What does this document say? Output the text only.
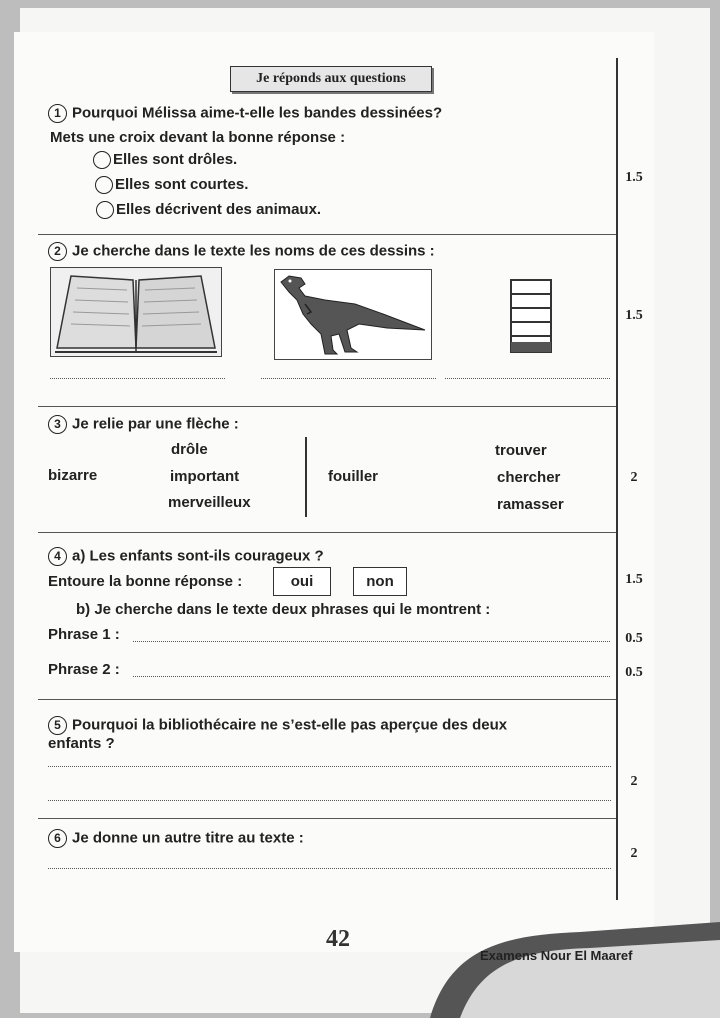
Je réponds aux questions
1 Pourquoi Mélissa aime-t-elle les bandes dessinées?
Mets une croix devant la bonne réponse :
Elles sont drôles.
Elles sont courtes.
Elles décrivent des animaux.
1.5
2 Je cherche dans le texte les noms de ces dessins :
1.5
3 Je relie par une flèche :
bizarre
drôle
important
merveilleux
fouiller
trouver
chercher
ramasser
2
4 a) Les enfants sont-ils courageux ?
Entoure la bonne réponse :	oui	non	1.5
b) Je cherche dans le texte deux phrases qui le montrent :
Phrase 1 :	0.5
Phrase 2 :	0.5
5 Pourquoi la bibliothécaire ne s’est-elle pas aperçue des deux
enfants ?
2
6 Je donne un autre titre au texte :
2
42
Examens Nour El Maaref
